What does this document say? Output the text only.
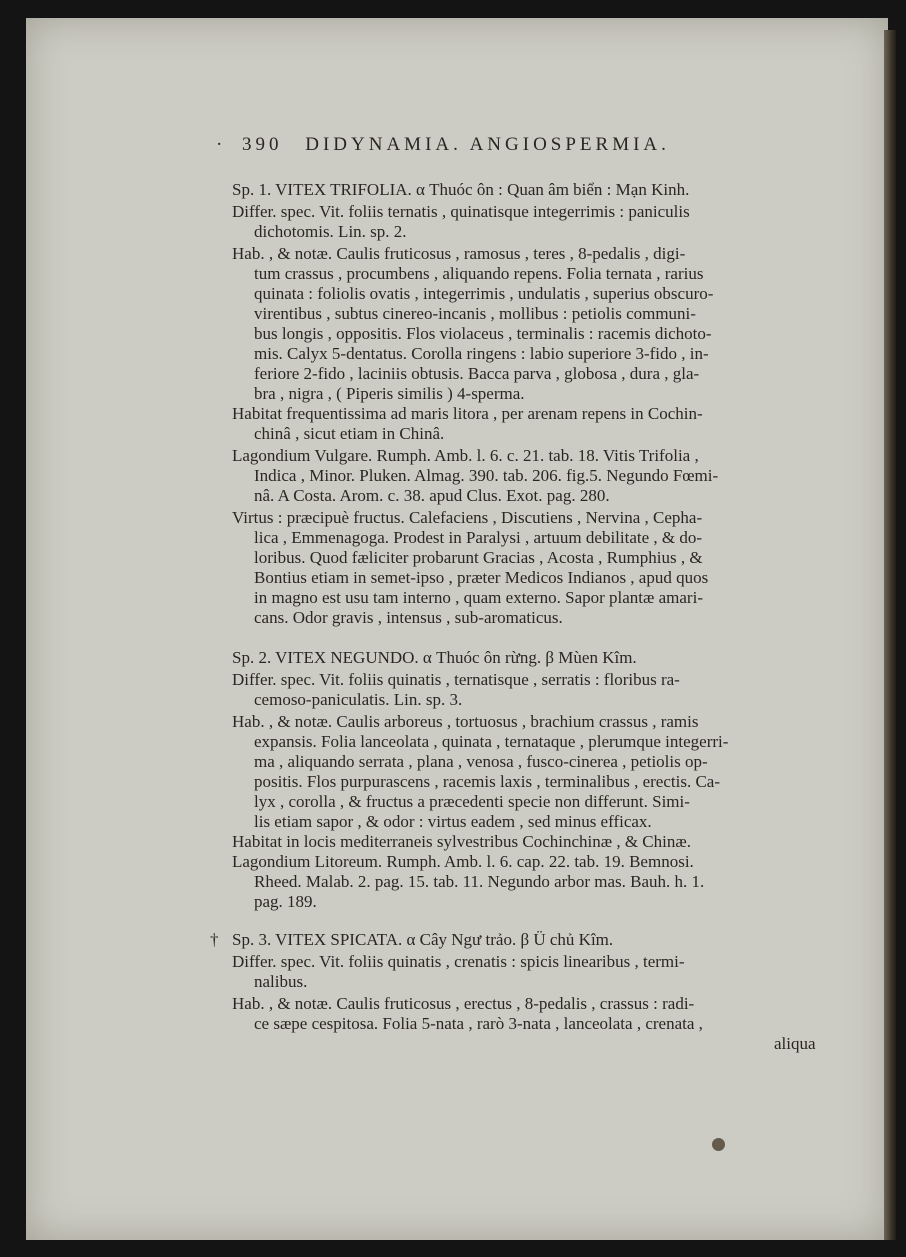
· 390 DIDYNAMIA. ANGIOSPERMIA.
Sp. 1. VITEX TRIFOLIA. α Thuóc ôn : Quan âm biển : Mạn Kinh.
Differ. spec. Vit. foliis ternatis , quinatisque integerrimis : paniculis
dichotomis. Lin. sp. 2.
Hab. , & notæ. Caulis fruticosus , ramosus , teres , 8-pedalis , digi-
tum crassus , procumbens , aliquando repens. Folia ternata , rarius
quinata : foliolis ovatis , integerrimis , undulatis , superius obscuro-
virentibus , subtus cinereo-incanis , mollibus : petiolis communi-
bus longis , oppositis. Flos violaceus , terminalis : racemis dichoto-
mis. Calyx 5-dentatus. Corolla ringens : labio superiore 3-fido , in-
feriore 2-fido , laciniis obtusis. Bacca parva , globosa , dura , gla-
bra , nigra , ( Piperis similis ) 4-sperma.
Habitat frequentissima ad maris litora , per arenam repens in Cochin-
chinâ , sicut etiam in Chinâ.
Lagondium Vulgare. Rumph. Amb. l. 6. c. 21. tab. 18. Vitis Trifolia ,
Indica , Minor. Pluken. Almag. 390. tab. 206. fig.5. Negundo Fœmi-
nâ. A Costa. Arom. c. 38. apud Clus. Exot. pag. 280.
Virtus : præcipuè fructus. Calefaciens , Discutiens , Nervina , Cepha-
lica , Emmenagoga. Prodest in Paralysi , artuum debilitate , & do-
loribus. Quod fæliciter probarunt Gracias , Acosta , Rumphius , &
Bontius etiam in semet-ipso , præter Medicos Indianos , apud quos
in magno est usu tam interno , quam externo. Sapor plantæ amari-
cans. Odor gravis , intensus , sub-aromaticus.
Sp. 2. VITEX NEGUNDO. α Thuóc ôn rừng. β Mùen Kîm.
Differ. spec. Vit. foliis quinatis , ternatisque , serratis : floribus ra-
cemoso-paniculatis. Lin. sp. 3.
Hab. , & notæ. Caulis arboreus , tortuosus , brachium crassus , ramis
expansis. Folia lanceolata , quinata , ternataque , plerumque integerri-
ma , aliquando serrata , plana , venosa , fusco-cinerea , petiolis op-
positis. Flos purpurascens , racemis laxis , terminalibus , erectis. Ca-
lyx , corolla , & fructus a præcedenti specie non differunt. Simi-
lis etiam sapor , & odor : virtus eadem , sed minus efficax.
Habitat in locis mediterraneis sylvestribus Cochinchinæ , & Chinæ.
Lagondium Litoreum. Rumph. Amb. l. 6. cap. 22. tab. 19. Bemnosi.
Rheed. Malab. 2. pag. 15. tab. 11. Negundo arbor mas. Bauh. h. 1.
pag. 189.
† Sp. 3. VITEX SPICATA. α Cây Ngư trảo. β Ü chủ Kîm.
Differ. spec. Vit. foliis quinatis , crenatis : spicis linearibus , termi-
nalibus.
Hab. , & notæ. Caulis fruticosus , erectus , 8-pedalis , crassus : radi-
ce sæpe cespitosa. Folia 5-nata , rarò 3-nata , lanceolata , crenata ,
aliqua
